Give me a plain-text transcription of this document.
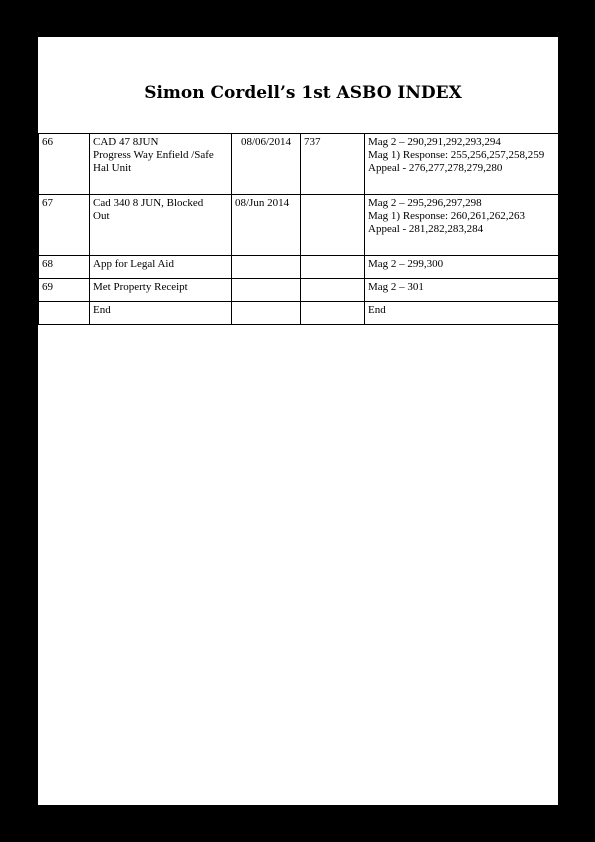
Simon Cordell’s 1st ASBO INDEX
66	CAD 47 8JUN
Progress Way Enfield /Safe
Hal Unit	08/06/2014	737	Mag 2 – 290,291,292,293,294
Mag 1) Response: 255,256,257,258,259
Appeal - 276,277,278,279,280

67	Cad 340 8 JUN, Blocked
Out	08/Jun 2014		Mag 2 – 295,296,297,298
Mag 1) Response: 260,261,262,263
Appeal - 281,282,283,284

68	App for Legal Aid			Mag 2 – 299,300

69	Met Property Receipt			Mag 2 – 301

	End			End
